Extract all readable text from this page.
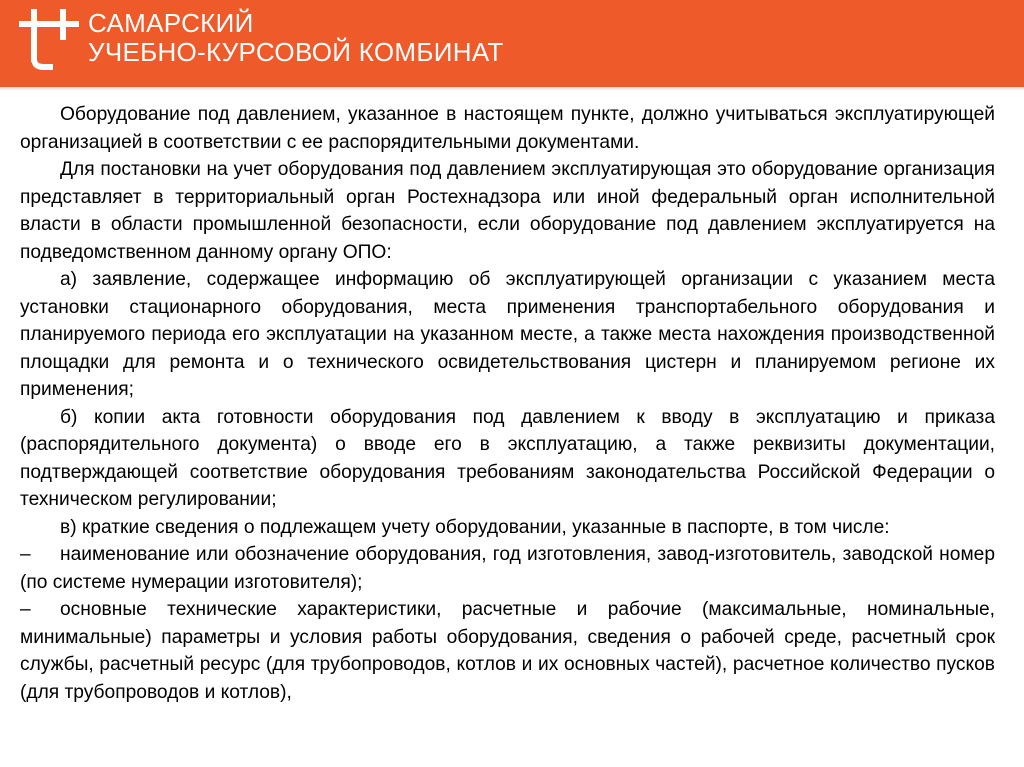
САМАРСКИЙ
УЧЕБНО-КУРСОВОЙ КОМБИНАТ

Оборудование под давлением, указанное в настоящем пункте, должно учитываться эксплуатирующей организацией в соответствии с ее распорядительными документами.

Для постановки на учет оборудования под давлением эксплуатирующая это оборудование организация представляет в территориальный орган Ростехнадзора или иной федеральный орган исполнительной власти в области промышленной безопасности, если оборудование под давлением эксплуатируется на подведомственном данному органу ОПО:

а) заявление, содержащее информацию об эксплуатирующей организации с указанием места установки стационарного оборудования, места применения транспортабельного оборудования и планируемого периода его эксплуатации на указанном месте, а также места нахождения производственной площадки для ремонта и о технического освидетельствования цистерн и планируемом регионе их применения;

б) копии акта готовности оборудования под давлением к вводу в эксплуатацию и приказа (распорядительного документа) о вводе его в эксплуатацию, а также реквизиты документации, подтверждающей соответствие оборудования требованиям законодательства Российской Федерации о техническом регулировании;

в) краткие сведения о подлежащем учету оборудовании, указанные в паспорте, в том числе:

– наименование или обозначение оборудования, год изготовления, завод-изготовитель, заводской номер (по системе нумерации изготовителя);

– основные технические характеристики, расчетные и рабочие (максимальные, номинальные, минимальные) параметры и условия работы оборудования, сведения о рабочей среде, расчетный срок службы, расчетный ресурс (для трубопроводов, котлов и их основных частей), расчетное количество пусков (для трубопроводов и котлов),
